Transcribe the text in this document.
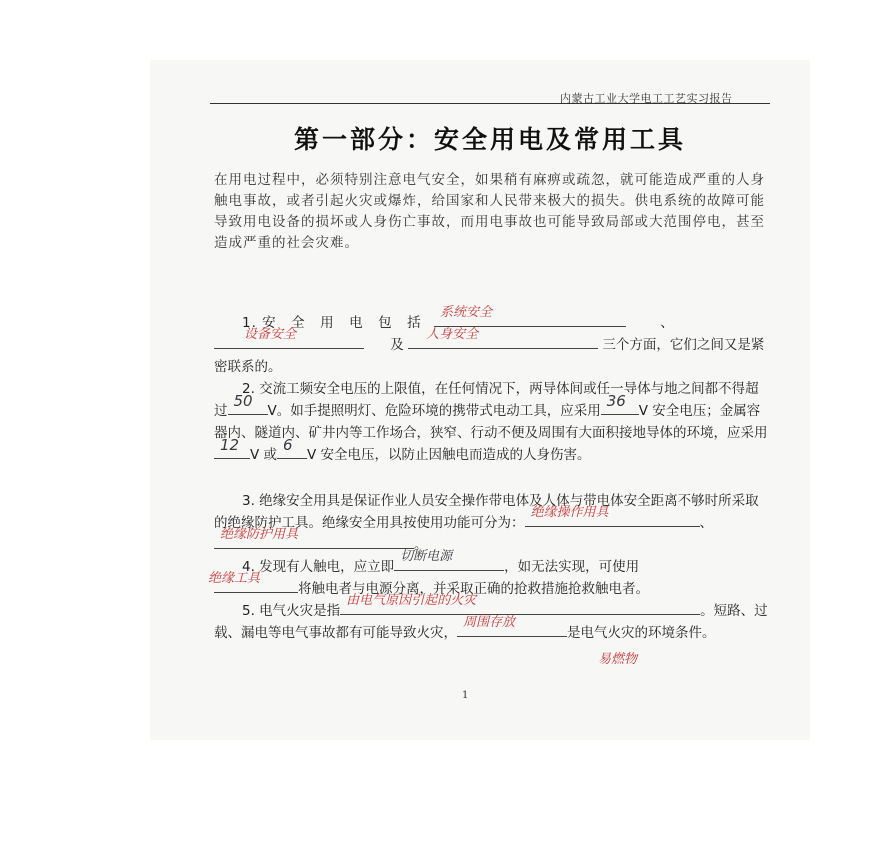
内蒙古工业大学电工工艺实习报告
第一部分：安全用电及常用工具
在用电过程中，必须特别注意电气安全，如果稍有麻痹或疏忽，就可能造成严重的人身触电事故，或者引起火灾或爆炸，给国家和人民带来极大的损失。供电系统的故障可能导致用电设备的损坏或人身伤亡事故，而用电事故也可能导致局部或大范围停电，甚至造成严重的社会灾难。
1. 安　全　用　电　包　括
系统安全
、

设备安全
及
人身安全
三个方面，它们之间又是紧密联系的。
2. 交流工频安全电压的上限值，在任何情况下，两导体间或任一导体与地之间都不得超过
50
V。如手提照明灯、危险环境的携带式电动工具，应采用
36
V 安全电压；金属容器内、隧道内、矿井内等工作场合，狭窄、行动不便及周围有大面积接地导体的环境，应采用
12
V 或
6
V 安全电压，以防止因触电而造成的人身伤害。
3. 绝缘安全用具是保证作业人员安全操作带电体及人体与带电体安全距离不够时所采取的绝缘防护工具。绝缘安全用具按使用功能可分为：
绝缘操作用具
、
绝缘防护用具
。
4. 发现有人触电，应立即
切断电源
，如无法实现，可使用

绝缘工具
将触电者与电源分离，并采取正确的抢救措施抢救触电者。
5. 电气火灾是指
由电气原因引起的火灾
。短路、过载、漏电等电气事故都有可能导致火灾，
周围存放
是电气火灾的环境条件。
易燃物
1
